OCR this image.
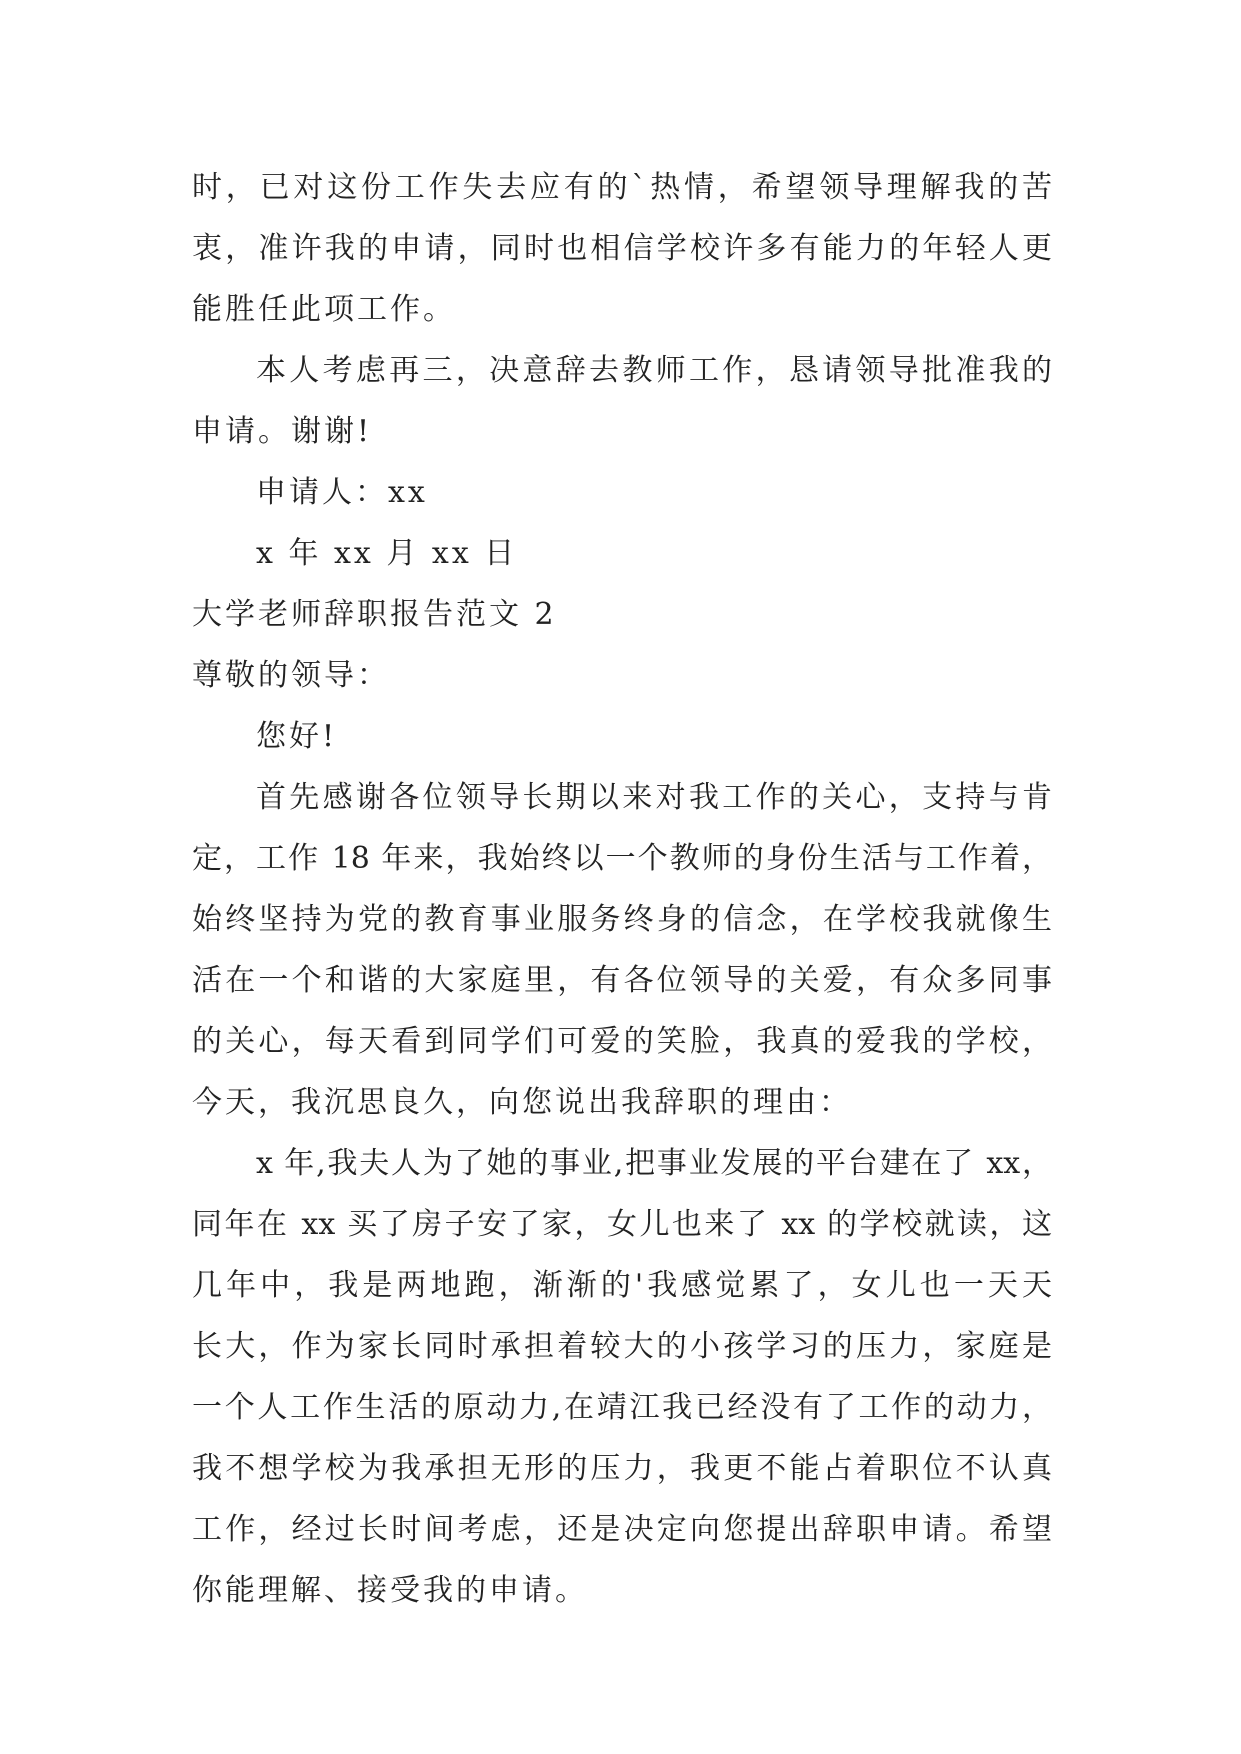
时，已对这份工作失去应有的`热情，希望领导理解我的苦
衷，准许我的申请，同时也相信学校许多有能力的年轻人更
能胜任此项工作。
本人考虑再三，决意辞去教师工作，恳请领导批准我的
申请。谢谢!
申请人：xx
x 年 xx 月 xx 日
大学老师辞职报告范文 2
尊敬的领导：
您好!
首先感谢各位领导长期以来对我工作的关心，支持与肯
定，工作 18 年来，我始终以一个教师的身份生活与工作着，
始终坚持为党的教育事业服务终身的信念，在学校我就像生
活在一个和谐的大家庭里，有各位领导的关爱，有众多同事
的关心，每天看到同学们可爱的笑脸，我真的爱我的学校，
今天，我沉思良久，向您说出我辞职的理由：
x 年,我夫人为了她的事业,把事业发展的平台建在了 xx，
同年在 xx 买了房子安了家，女儿也来了 xx 的学校就读，这
几年中，我是两地跑，渐渐的'我感觉累了，女儿也一天天
长大，作为家长同时承担着较大的小孩学习的压力，家庭是
一个人工作生活的原动力,在靖江我已经没有了工作的动力，
我不想学校为我承担无形的压力，我更不能占着职位不认真
工作，经过长时间考虑，还是决定向您提出辞职申请。希望
你能理解、接受我的申请。
